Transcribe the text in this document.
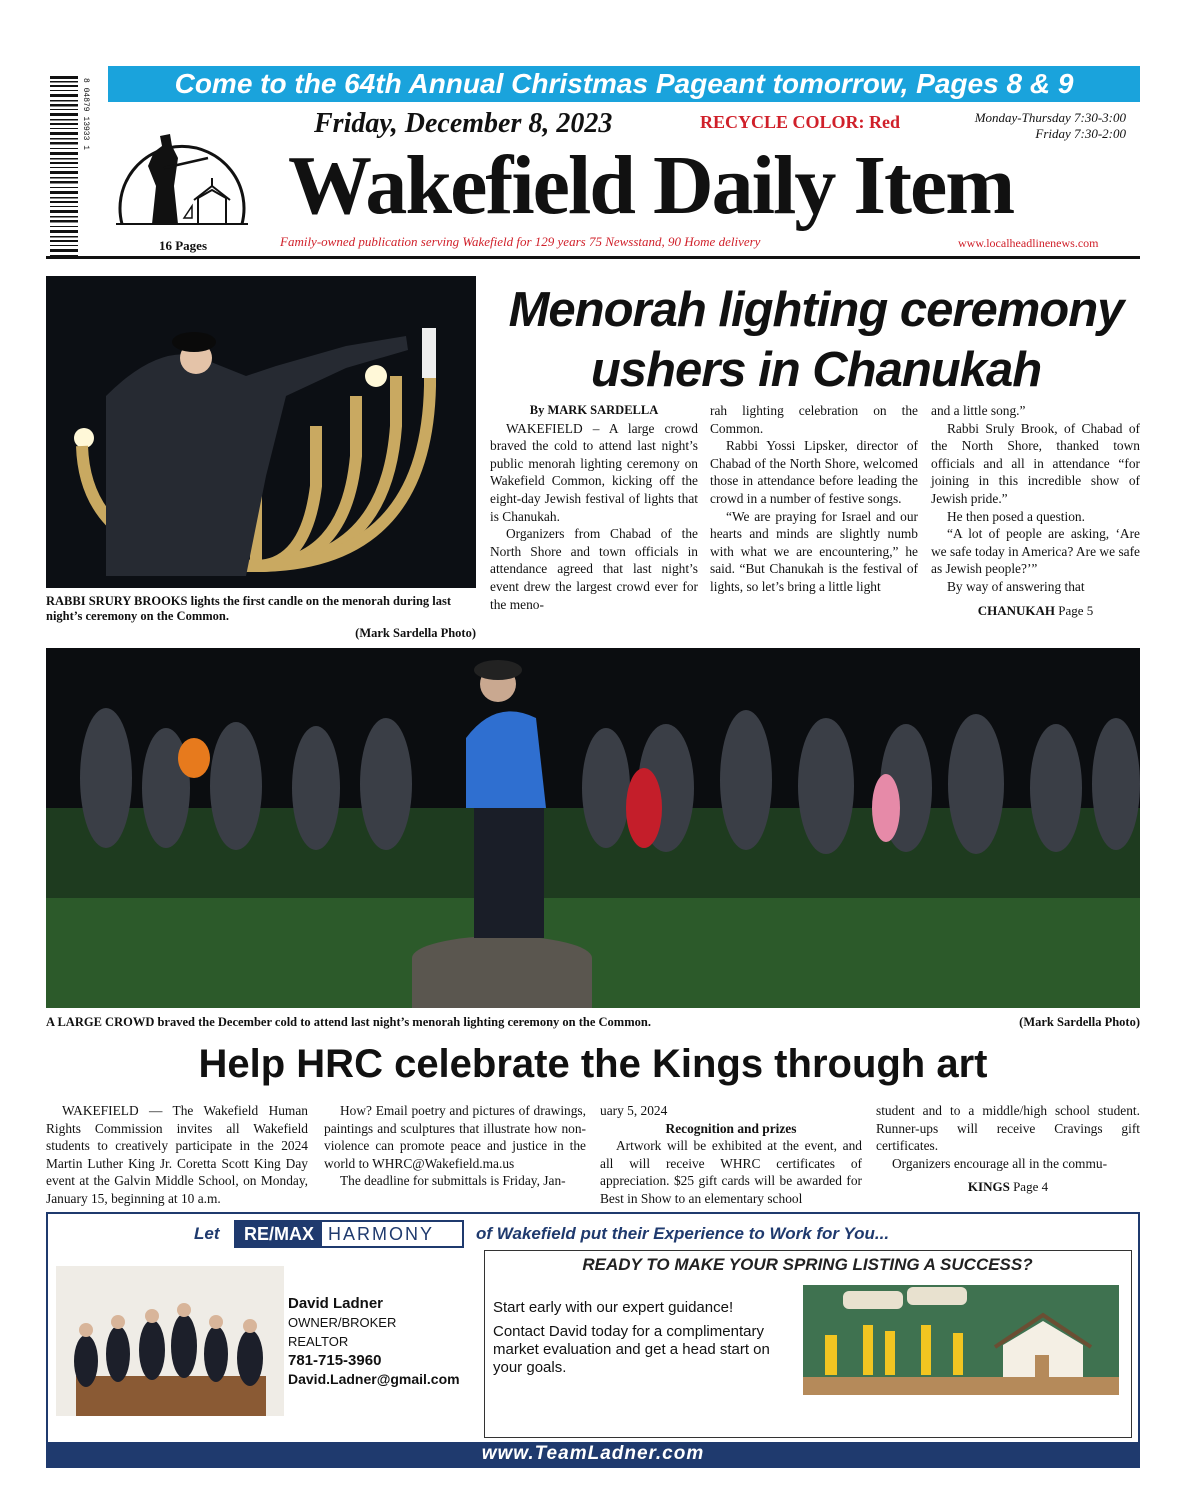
Come to the 64th Annual Christmas Pageant tomorrow, Pages 8 & 9
8 04879 13933 1
16 Pages
Friday, December 8, 2023	RECYCLE COLOR: Red	Monday-Thursday 7:30-3:00
Friday 7:30-2:00
Wakefield Daily Item
Family-owned publication serving Wakefield for 129 years 75 Newsstand, 90 Home delivery	www.localheadlinenews.com
RABBI SRURY BROOKS lights the first candle on the menorah during last night’s ceremony on the Common.
(Mark Sardella Photo)
Menorah lighting ceremony ushers in Chanukah
By MARK SARDELLA

WAKEFIELD – A large crowd braved the cold to attend last night’s public menorah lighting ceremony on Wakefield Common, kicking off the eight-day Jewish festival of lights that is Chanukah.

Organizers from Chabad of the North Shore and town officials in attendance agreed that last night’s event drew the largest crowd ever for the meno-

rah lighting celebration on the Common.

Rabbi Yossi Lipsker, director of Chabad of the North Shore, welcomed those in attendance before leading the crowd in a number of festive songs.

“We are praying for Israel and our hearts and minds are slightly numb with what we are encountering,” he said. “But Chanukah is the festival of lights, so let’s bring a little light

and a little song.”

Rabbi Sruly Brook, of Chabad of the North Shore, thanked town officials and all in attendance “for joining in this incredible show of Jewish pride.”

He then posed a question.

“A lot of people are asking, ‘Are we safe today in America? Are we safe as Jewish people?’”

By way of answering that

CHANUKAH Page 5
A LARGE CROWD braved the December cold to attend last night’s menorah lighting ceremony on the Common.	(Mark Sardella Photo)
Help HRC celebrate the Kings through art

WAKEFIELD — The Wakefield Human Rights Commission invites all Wakefield students to creatively participate in the 2024 Martin Luther King Jr. Coretta Scott King Day event at the Galvin Middle School, on Monday, January 15, beginning at 10 a.m.

How? Email poetry and pictures of drawings, paintings and sculptures that illustrate how non-violence can promote peace and justice in the world to WHRC@Wakefield.ma.us

The deadline for submittals is Friday, Jan-

uary 5, 2024

Recognition and prizes

Artwork will be exhibited at the event, and all will receive WHRC certificates of appreciation. $25 gift cards will be awarded for Best in Show to an elementary school

student and to a middle/high school student. Runner-ups will receive Cravings gift certificates.

Organizers encourage all in the commu-

KINGS Page 4
Let	RE/MAX HARMONY	of Wakefield put their Experience to Work for You...
David Ladner
OWNER/BROKER
REALTOR
781-715-3960
David.Ladner@gmail.com
READY TO MAKE YOUR SPRING LISTING A SUCCESS?
Start early with our expert guidance!
Contact David today for a complimentary market evaluation and get a head start on your goals.
www.TeamLadner.com
